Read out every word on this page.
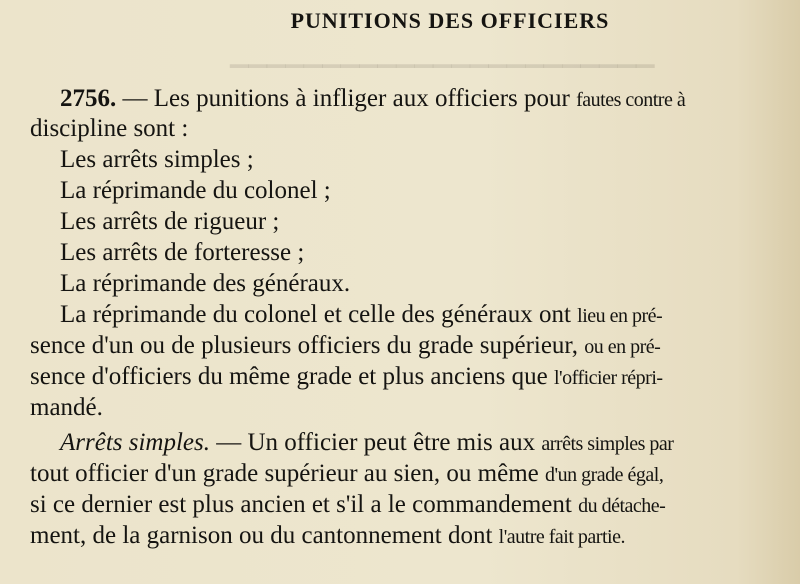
▁▁▁▁▁▁▁▁▁▁▁▁▁▁▁▁▁▁▁▁▁▁▁
PUNITIONS DES OFFICIERS
2756. — Les punitions à infliger aux officiers pour fautes contre à
discipline sont :
Les arrêts simples ;
La réprimande du colonel ;
Les arrêts de rigueur ;
Les arrêts de forteresse ;
La réprimande des généraux.
La réprimande du colonel et celle des généraux ont lieu en pré-
sence d'un ou de plusieurs officiers du grade supérieur, ou en pré-
sence d'officiers du même grade et plus anciens que l'officier répri-
mandé.
Arrêts simples. — Un officier peut être mis aux arrêts simples par
tout officier d'un grade supérieur au sien, ou même d'un grade égal,
si ce dernier est plus ancien et s'il a le commandement du détache-
ment, de la garnison ou du cantonnement dont l'autre fait partie.
